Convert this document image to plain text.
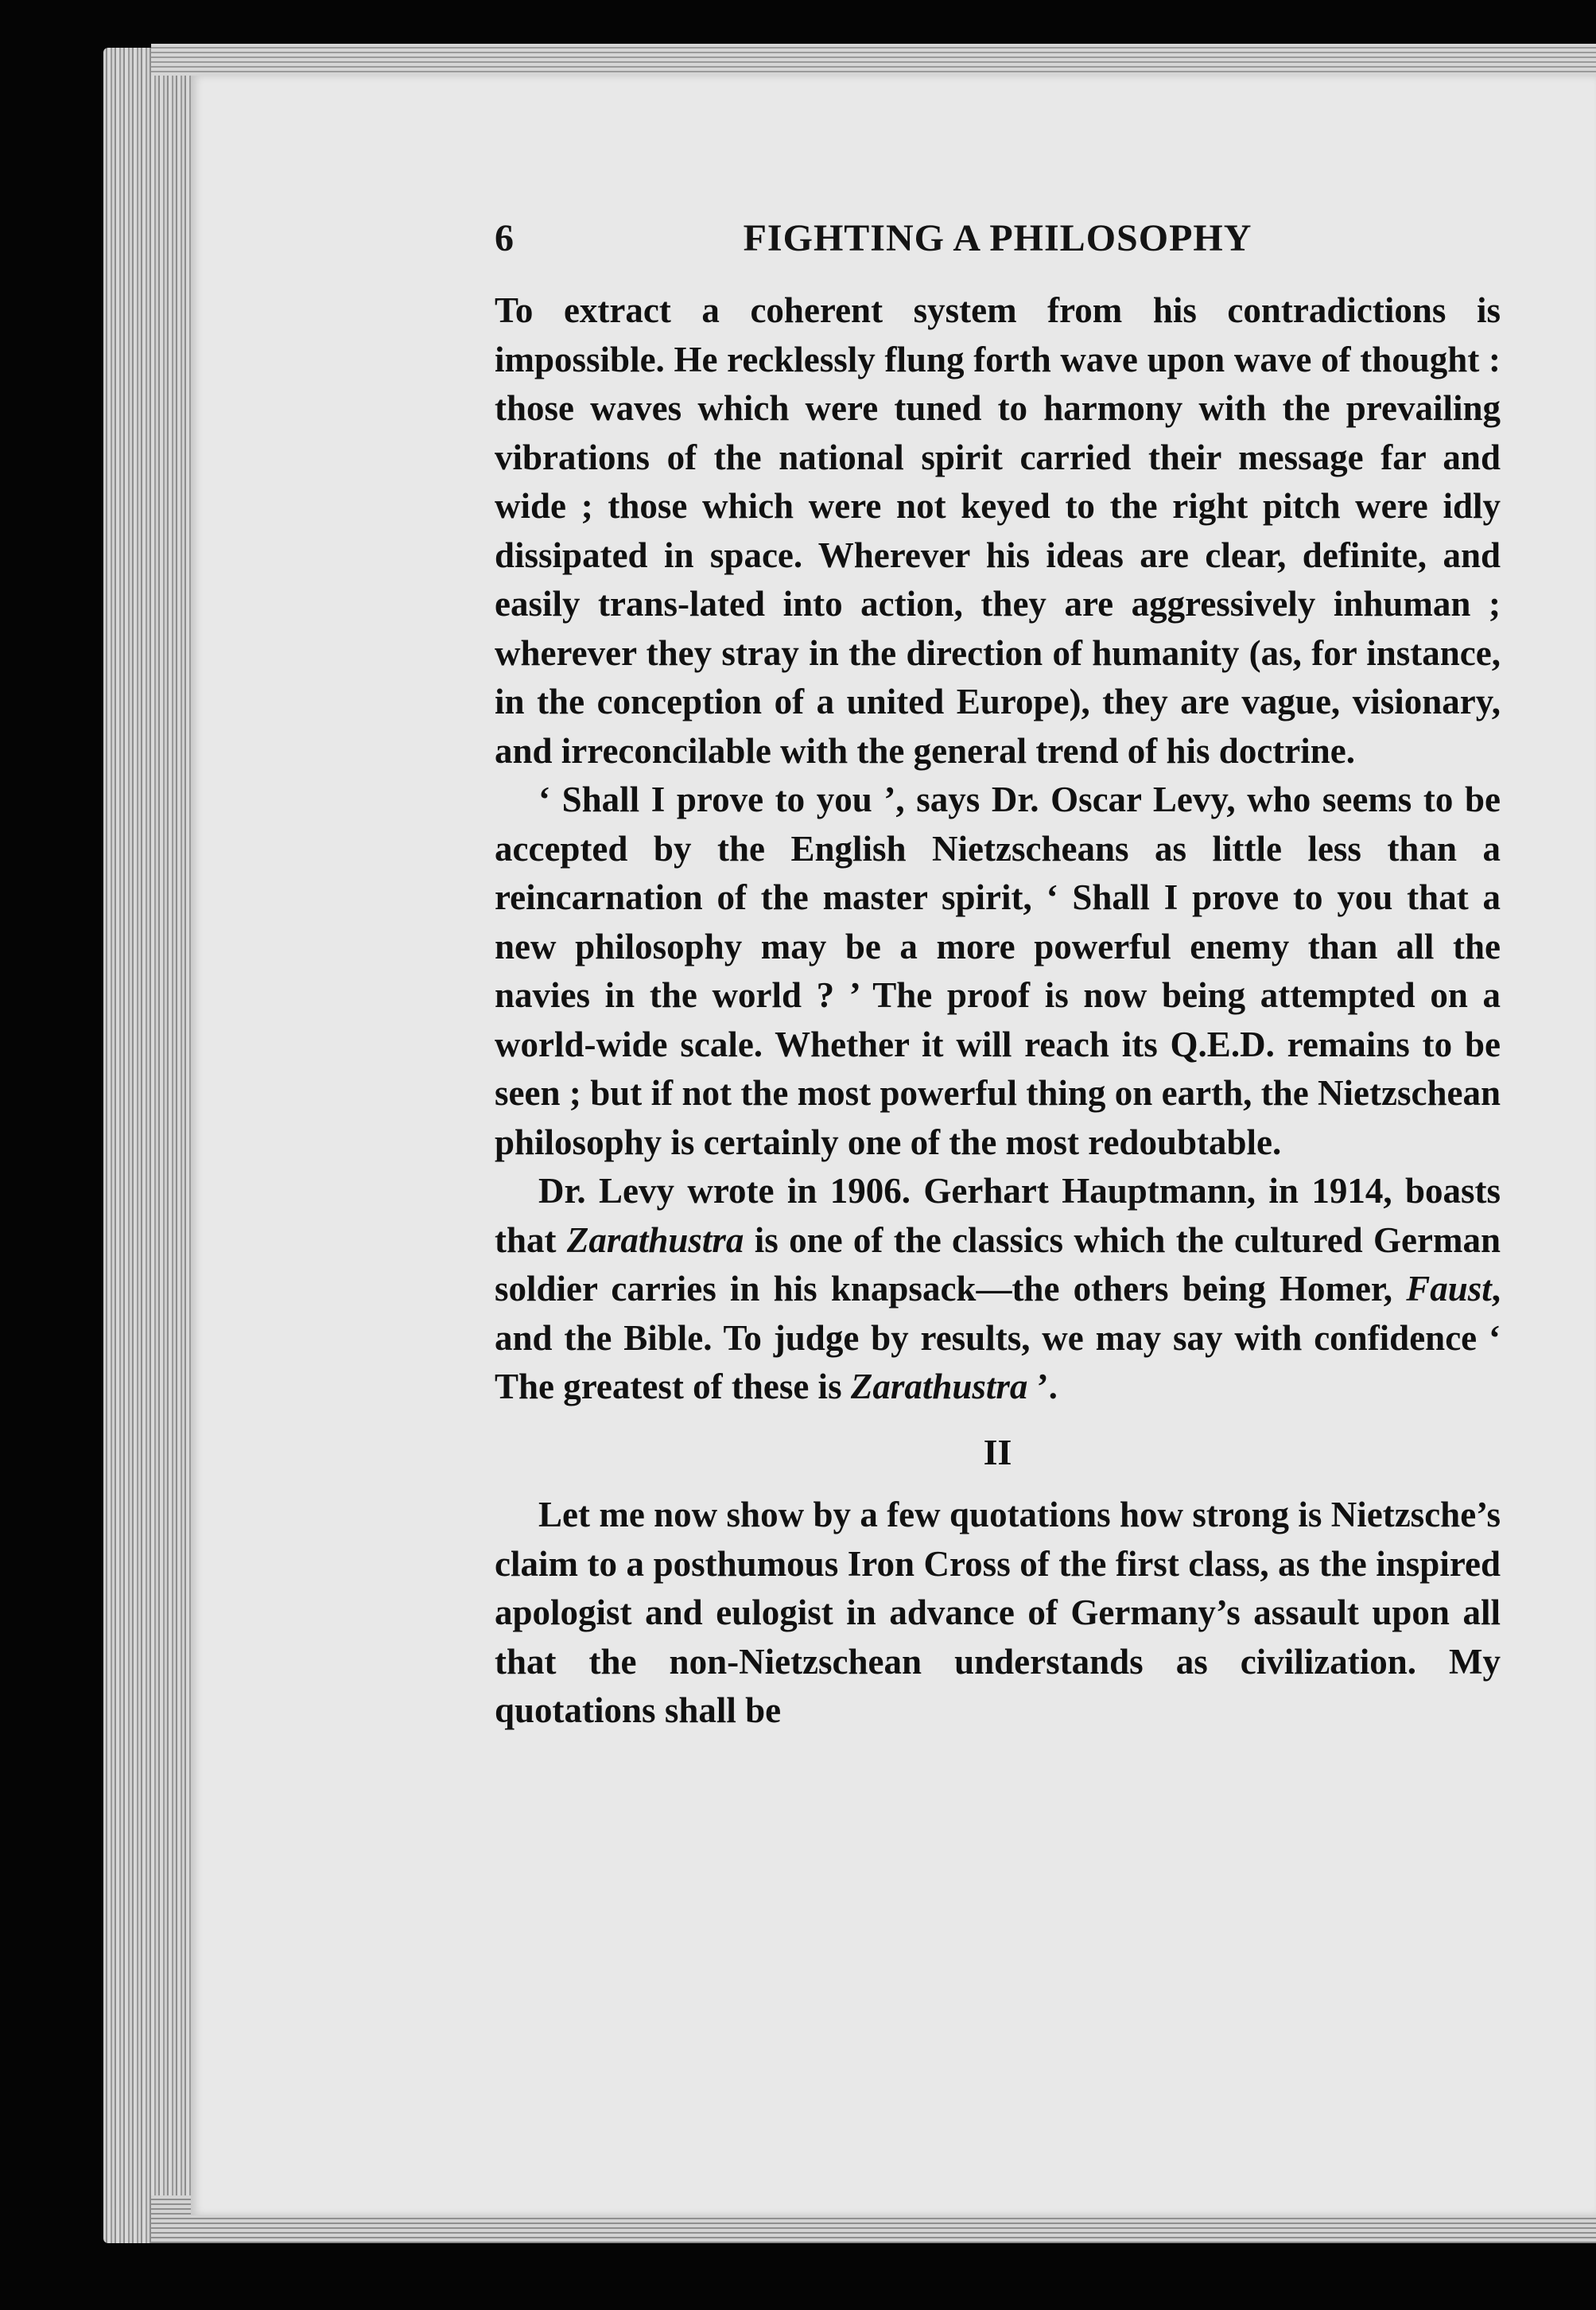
6	FIGHTING A PHILOSOPHY

To extract a coherent system from his contradictions is impossible. He recklessly flung forth wave upon wave of thought : those waves which were tuned to harmony with the prevailing vibrations of the national spirit carried their message far and wide ; those which were not keyed to the right pitch were idly dissipated in space. Wherever his ideas are clear, definite, and easily trans-lated into action, they are aggressively inhuman ; wherever they stray in the direction of humanity (as, for instance, in the conception of a united Europe), they are vague, visionary, and irreconcilable with the general trend of his doctrine.

‘ Shall I prove to you ’, says Dr. Oscar Levy, who seems to be accepted by the English Nietzscheans as little less than a reincarnation of the master spirit, ‘ Shall I prove to you that a new philosophy may be a more powerful enemy than all the navies in the world ? ’ The proof is now being attempted on a world-wide scale. Whether it will reach its Q.E.D. remains to be seen ; but if not the most powerful thing on earth, the Nietzschean philosophy is certainly one of the most redoubtable.

Dr. Levy wrote in 1906. Gerhart Hauptmann, in 1914, boasts that Zarathustra is one of the classics which the cultured German soldier carries in his knapsack—the others being Homer, Faust, and the Bible. To judge by results, we may say with confidence ‘ The greatest of these is Zarathustra ’.

II

Let me now show by a few quotations how strong is Nietzsche’s claim to a posthumous Iron Cross of the first class, as the inspired apologist and eulogist in advance of Germany’s assault upon all that the non-Nietzschean understands as civilization. My quotations shall be
